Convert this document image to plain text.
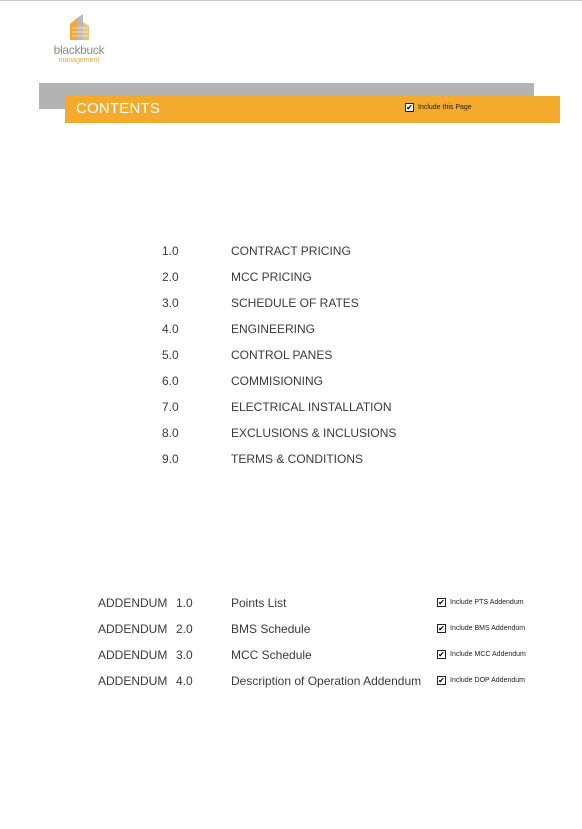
blackbuck
management
CONTENTS	✔ Include this Page
1.0	CONTRACT PRICING
2.0	MCC PRICING
3.0	SCHEDULE OF RATES
4.0	ENGINEERING
5.0	CONTROL PANES
6.0	COMMISIONING
7.0	ELECTRICAL INSTALLATION
8.0	EXCLUSIONS & INCLUSIONS
9.0	TERMS & CONDITIONS
ADDENDUM 1.0	Points List	✔ Include PTS Addendum
ADDENDUM 2.0	BMS Schedule	✔ Include BMS Addendum
ADDENDUM 3.0	MCC Schedule	✔ Include MCC Addendum
ADDENDUM 4.0	Description of Operation Addendum ✔ Include DOP Addendum
